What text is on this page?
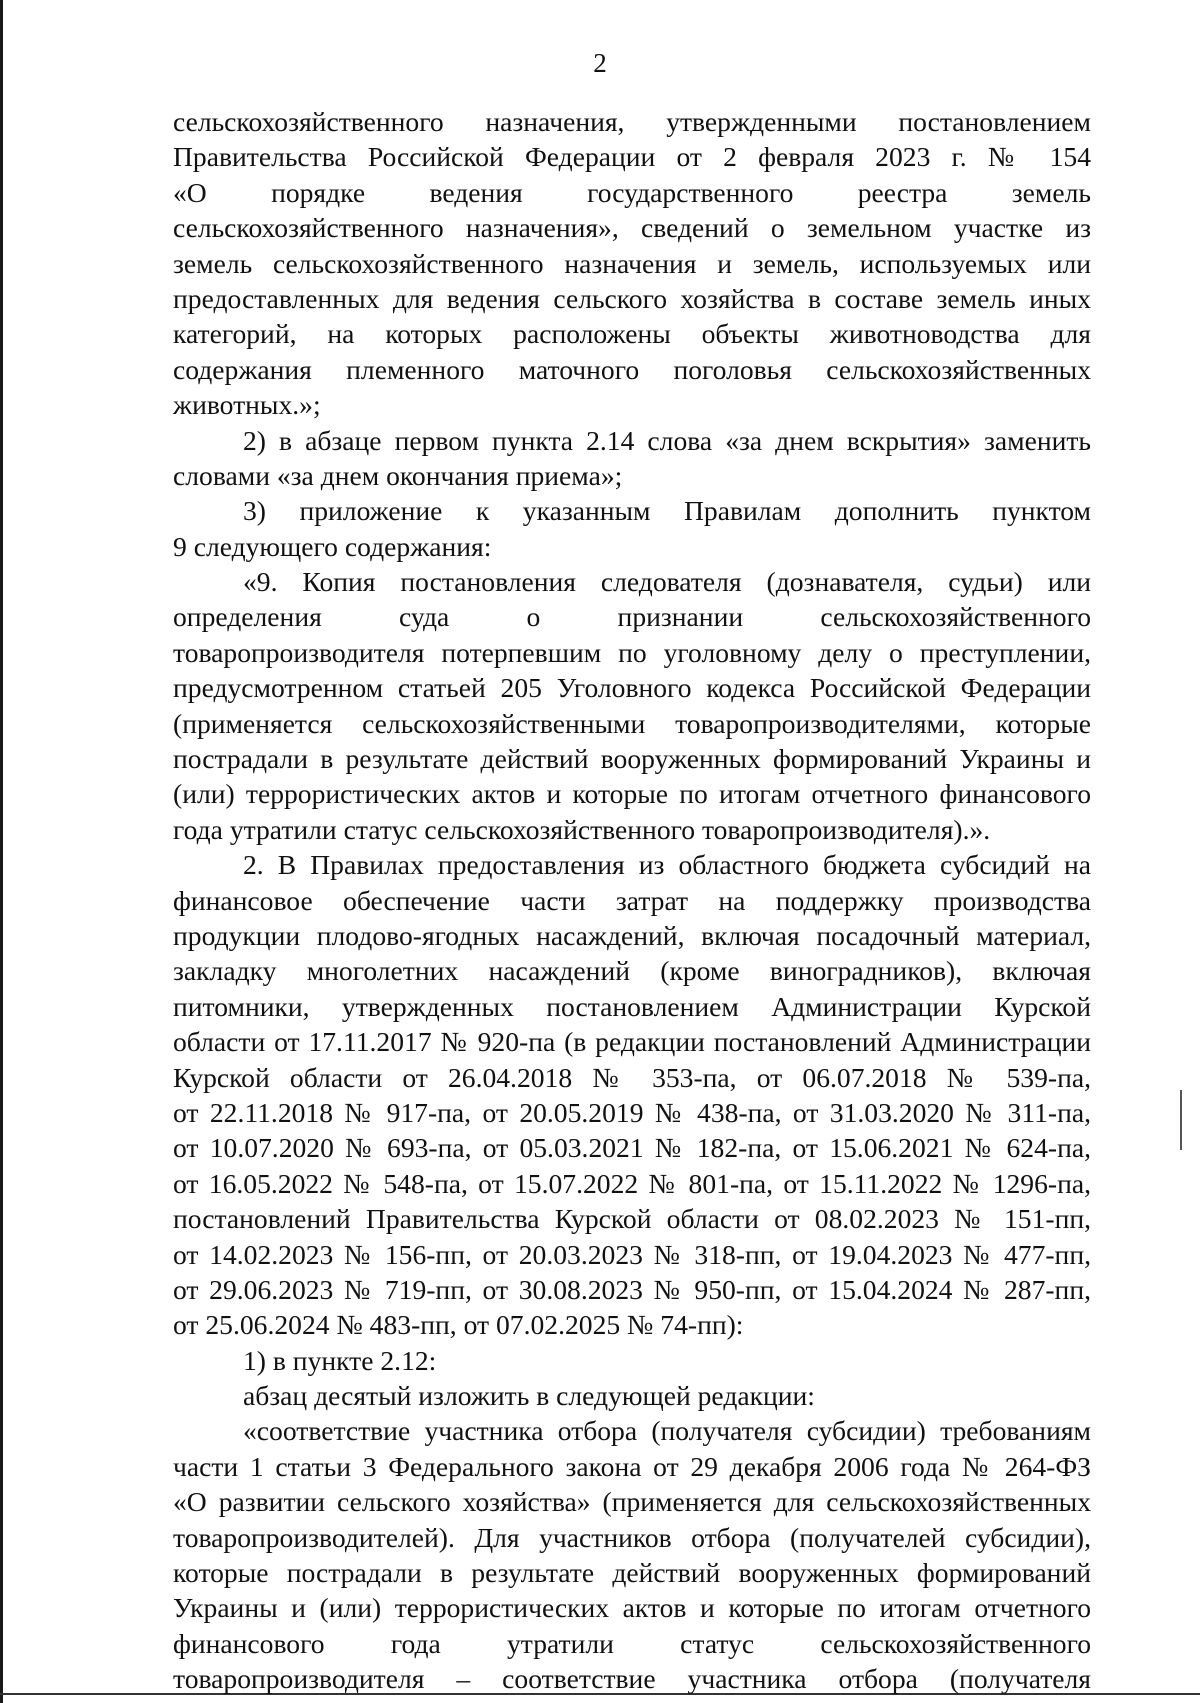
2
сельскохозяйственного назначения, утвержденными постановлением
Правительства Российской Федерации от 2 февраля 2023 г. № 154
«О порядке ведения государственного реестра земель
сельскохозяйственного назначения», сведений о земельном участке из
земель сельскохозяйственного назначения и земель, используемых или
предоставленных для ведения сельского хозяйства в составе земель иных
категорий, на которых расположены объекты животноводства для
содержания племенного маточного поголовья сельскохозяйственных
животных.»;
2) в абзаце первом пункта 2.14 слова «за днем вскрытия» заменить
словами «за днем окончания приема»;
3) приложение к указанным Правилам дополнить пунктом
9 следующего содержания:
«9. Копия постановления следователя (дознавателя, судьи) или
определения суда о признании сельскохозяйственного
товаропроизводителя потерпевшим по уголовному делу о преступлении,
предусмотренном статьей 205 Уголовного кодекса Российской Федерации
(применяется сельскохозяйственными товаропроизводителями, которые
пострадали в результате действий вооруженных формирований Украины и
(или) террористических актов и которые по итогам отчетного финансового
года утратили статус сельскохозяйственного товаропроизводителя).».
2. В Правилах предоставления из областного бюджета субсидий на
финансовое обеспечение части затрат на поддержку производства
продукции плодово-ягодных насаждений, включая посадочный материал,
закладку многолетних насаждений (кроме виноградников), включая
питомники, утвержденных постановлением Администрации Курской
области от 17.11.2017 № 920-па (в редакции постановлений Администрации
Курской области от 26.04.2018 № 353-па, от 06.07.2018 № 539-па,
от 22.11.2018 № 917-па, от 20.05.2019 № 438-па, от 31.03.2020 № 311-па,
от 10.07.2020 № 693-па, от 05.03.2021 № 182-па, от 15.06.2021 № 624-па,
от 16.05.2022 № 548-па, от 15.07.2022 № 801-па, от 15.11.2022 № 1296-па,
постановлений Правительства Курской области от 08.02.2023 № 151-пп,
от 14.02.2023 № 156-пп, от 20.03.2023 № 318-пп, от 19.04.2023 № 477-пп,
от 29.06.2023 № 719-пп, от 30.08.2023 № 950-пп, от 15.04.2024 № 287-пп,
от 25.06.2024 № 483-пп, от 07.02.2025 № 74-пп):
1) в пункте 2.12:
абзац десятый изложить в следующей редакции:
«соответствие участника отбора (получателя субсидии) требованиям
части 1 статьи 3 Федерального закона от 29 декабря 2006 года № 264-ФЗ
«О развитии сельского хозяйства» (применяется для сельскохозяйственных
товаропроизводителей). Для участников отбора (получателей субсидии),
которые пострадали в результате действий вооруженных формирований
Украины и (или) террористических актов и которые по итогам отчетного
финансового года утратили статус сельскохозяйственного
товаропроизводителя – соответствие участника отбора (получателя
